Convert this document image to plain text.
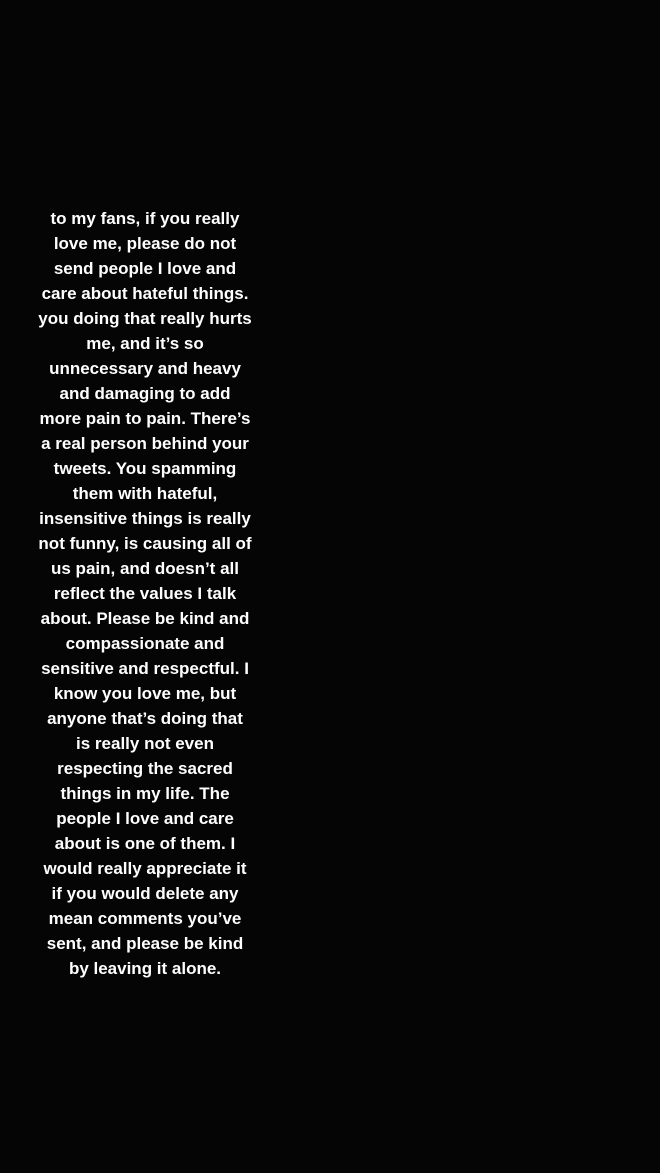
to my fans, if you really
love me, please do not
send people I love and
care about hateful things.
you doing that really hurts
me, and it’s so
unnecessary and heavy
and damaging to add
more pain to pain. There’s
a real person behind your
tweets. You spamming
them with hateful,
insensitive things is really
not funny, is causing all of
us pain, and doesn’t all
reflect the values I talk
about. Please be kind and
compassionate and
sensitive and respectful. I
know you love me, but
anyone that’s doing that
is really not even
respecting the sacred
things in my life. The
people I love and care
about is one of them. I
would really appreciate it
if you would delete any
mean comments you’ve
sent, and please be kind
by leaving it alone.
